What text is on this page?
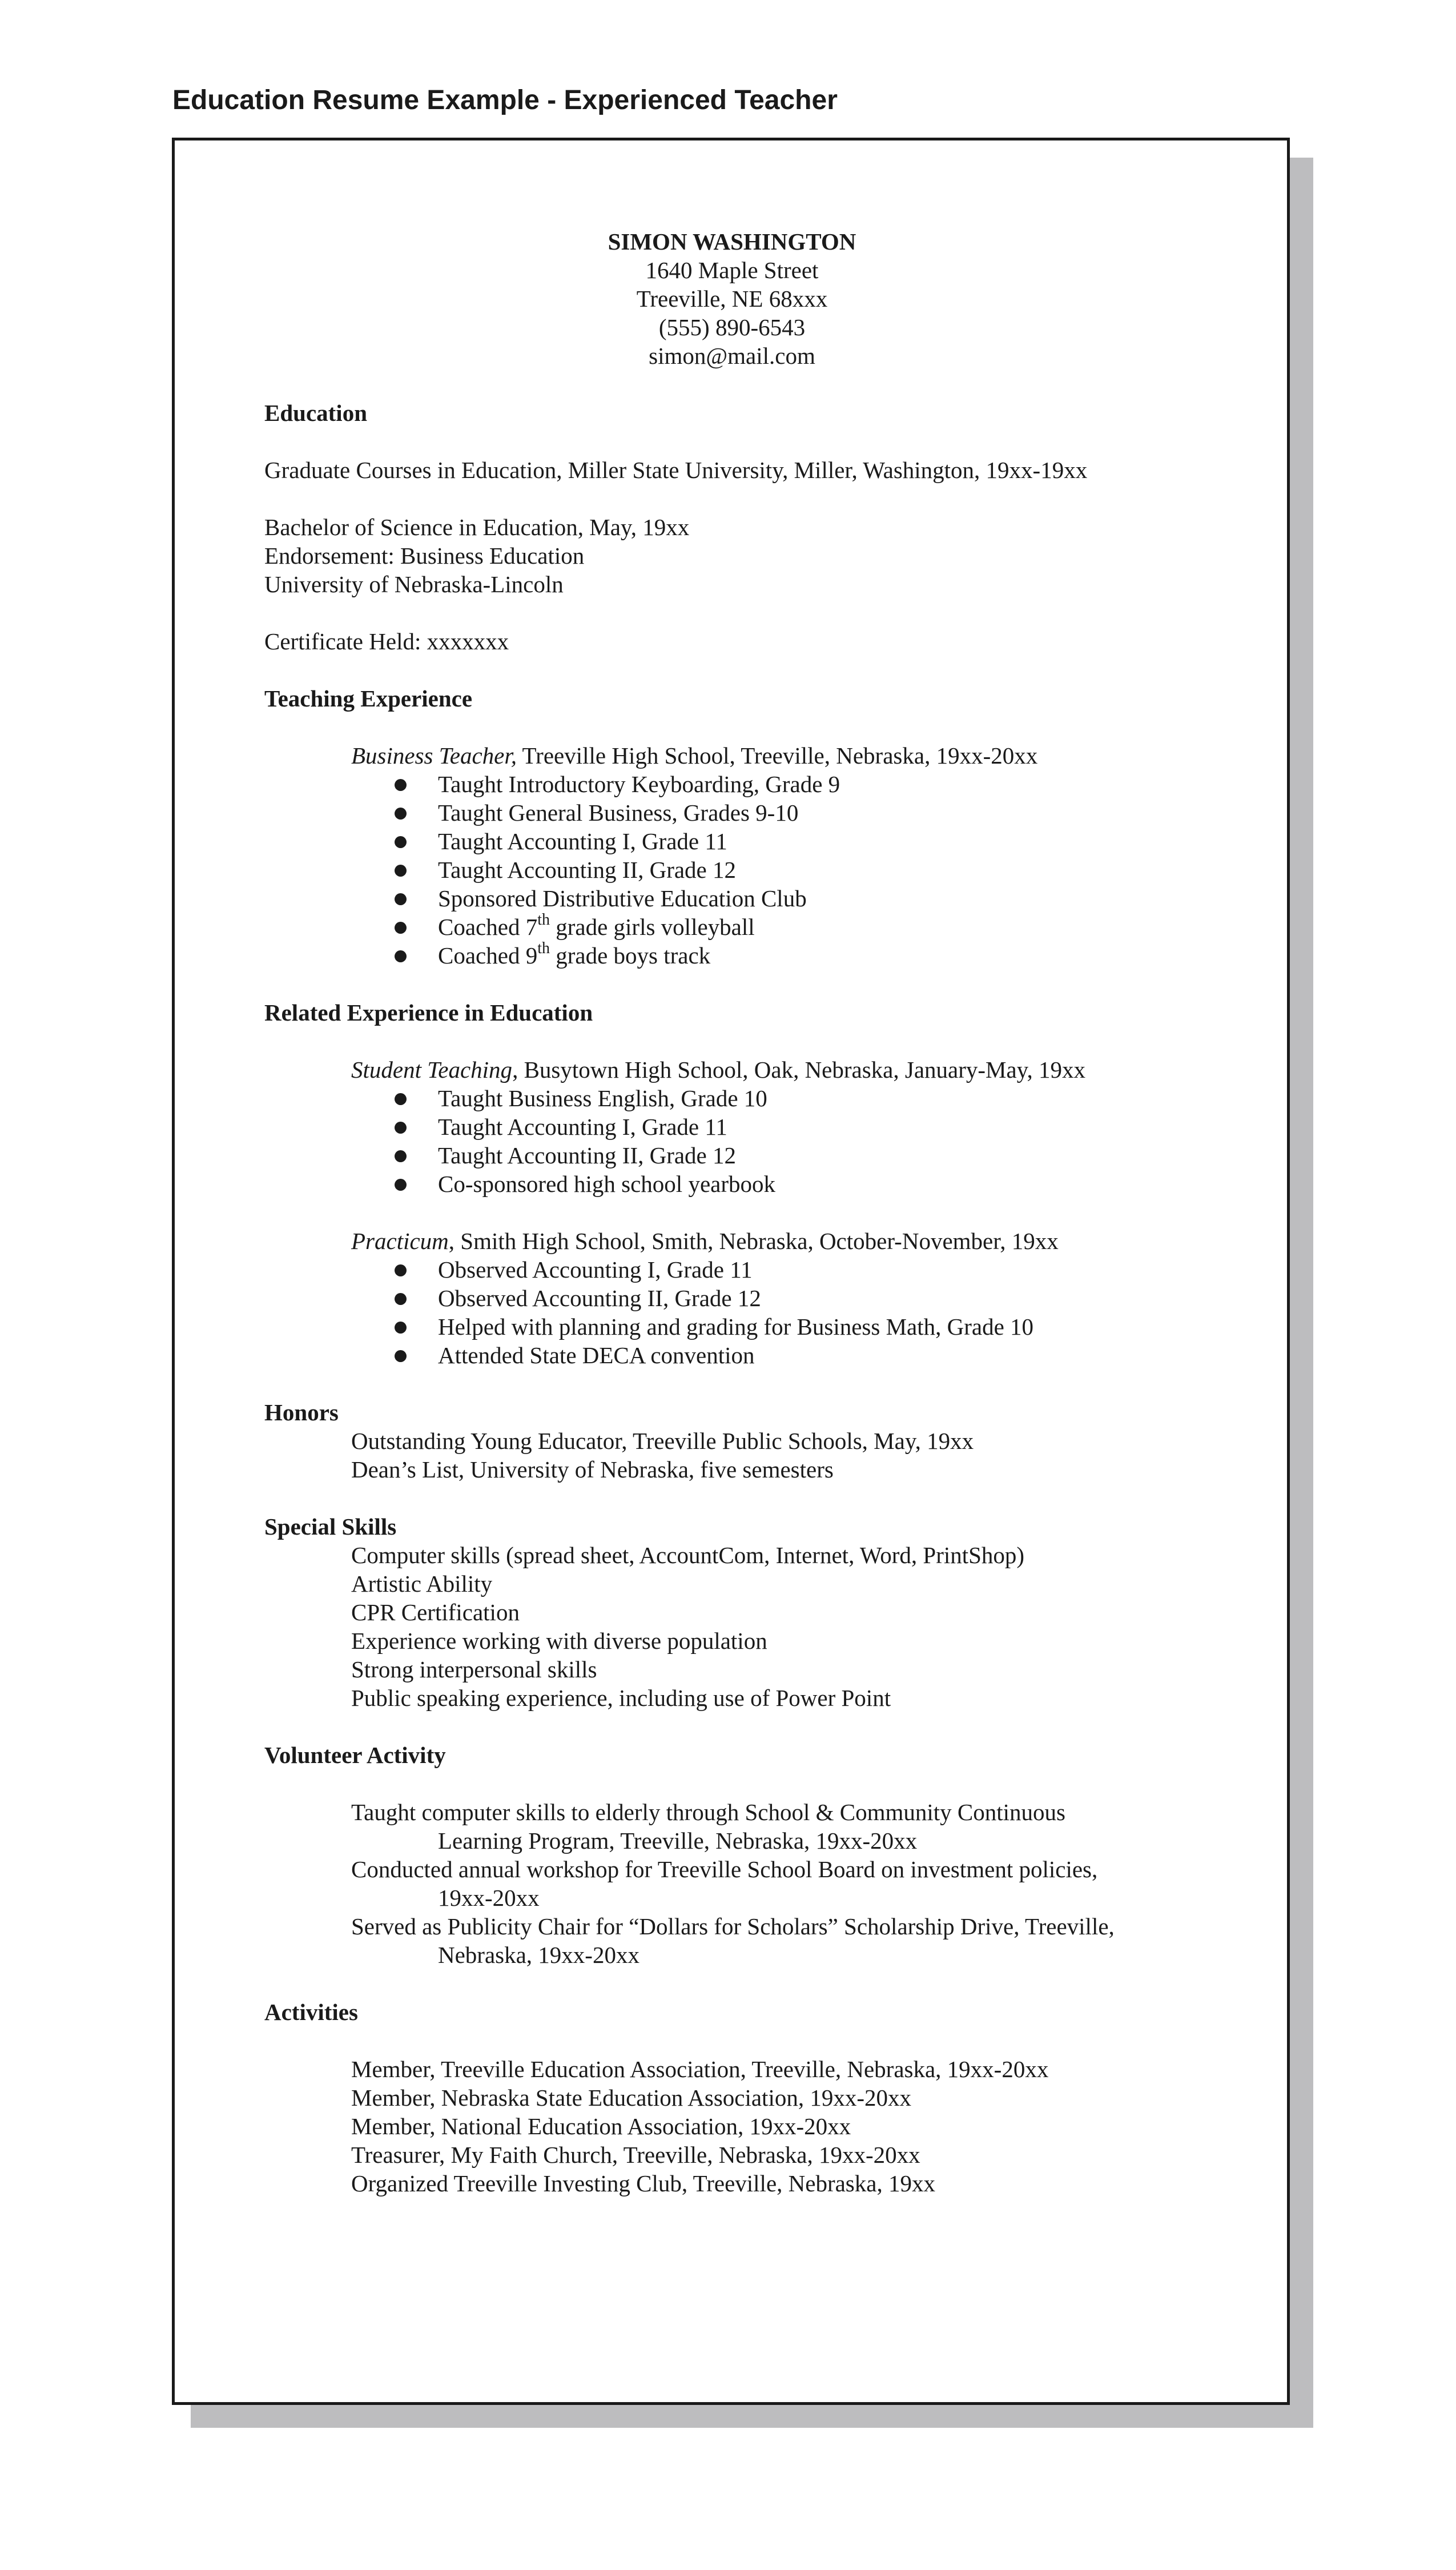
Education Resume Example - Experienced Teacher
SIMON WASHINGTON
1640 Maple Street
Treeville, NE 68xxx
(555) 890-6543
simon@mail.com
Education
Graduate Courses in Education, Miller State University, Miller, Washington, 19xx-19xx
Bachelor of Science in Education, May, 19xx
Endorsement: Business Education
University of Nebraska-Lincoln
Certificate Held: xxxxxxx
Teaching Experience
Business Teacher, Treeville High School, Treeville, Nebraska, 19xx-20xx
Taught Introductory Keyboarding, Grade 9
Taught General Business, Grades 9-10
Taught Accounting I, Grade 11
Taught Accounting II, Grade 12
Sponsored Distributive Education Club
Coached 7th grade girls volleyball
Coached 9th grade boys track
Related Experience in Education
Student Teaching, Busytown High School, Oak, Nebraska, January-May, 19xx
Taught Business English, Grade 10
Taught Accounting I, Grade 11
Taught Accounting II, Grade 12
Co-sponsored high school yearbook
Practicum, Smith High School, Smith, Nebraska, October-November, 19xx
Observed Accounting I, Grade 11
Observed Accounting II, Grade 12
Helped with planning and grading for Business Math, Grade 10
Attended State DECA convention
Honors
Outstanding Young Educator, Treeville Public Schools, May, 19xx
Dean’s List, University of Nebraska, five semesters
Special Skills
Computer skills (spread sheet, AccountCom, Internet, Word, PrintShop)
Artistic Ability
CPR Certification
Experience working with diverse population
Strong interpersonal skills
Public speaking experience, including use of Power Point
Volunteer Activity
Taught computer skills to elderly through School & Community Continuous
Learning Program, Treeville, Nebraska, 19xx-20xx
Conducted annual workshop for Treeville School Board on investment policies,
19xx-20xx
Served as Publicity Chair for “Dollars for Scholars” Scholarship Drive, Treeville,
Nebraska, 19xx-20xx
Activities
Member, Treeville Education Association, Treeville, Nebraska, 19xx-20xx
Member, Nebraska State Education Association, 19xx-20xx
Member, National Education Association, 19xx-20xx
Treasurer, My Faith Church, Treeville, Nebraska, 19xx-20xx
Organized Treeville Investing Club, Treeville, Nebraska, 19xx
